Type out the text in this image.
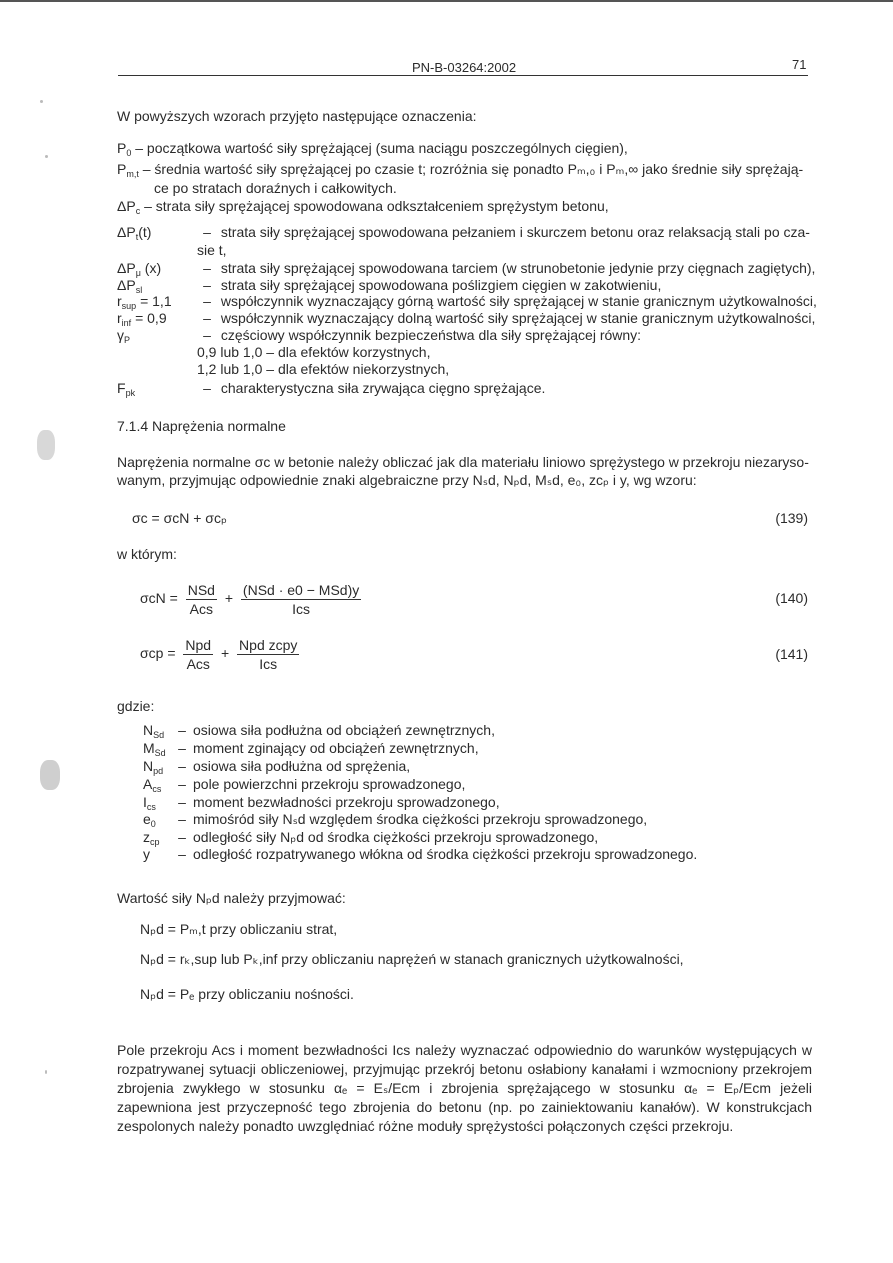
PN-B-03264:2002	71
W powyższych wzorach przyjęto następujące oznaczenia:
$P_0$ – początkowa wartość siły sprężającej (suma naciągu poszczególnych cięgien),
$P_{m,t}$ – średnia wartość siły sprężającej po czasie t; rozróżnia się ponadto Pₘ,₀ i Pₘ,∞ jako średnie siły sprężają-
ce po stratach doraźnych i całkowitych.
$\Delta P_c$ – strata siły sprężającej spowodowana odkształceniem sprężystym betonu,
$\Delta P_t(t)$	– strata siły sprężającej spowodowana pełzaniem i skurczem betonu oraz relaksacją stali po cza-
sie t,
$\Delta P_\mu$ (x)	– strata siły sprężającej spowodowana tarciem (w strunobetonie jedynie przy cięgnach zagiętych),
$\Delta P_{sl}$	– strata siły sprężającej spowodowana poślizgiem cięgien w zakotwieniu,
$r_{sup} = 1,1$ – współczynnik wyznaczający górną wartość siły sprężającej w stanie granicznym użytkowalności,
$r_{inf} = 0,9$	– współczynnik wyznaczający dolną wartość siły sprężającej w stanie granicznym użytkowalności,
$\gamma_P$	– częściowy współczynnik bezpieczeństwa dla siły sprężającej równy:
0,9 lub 1,0 – dla efektów korzystnych,
1,2 lub 1,0 – dla efektów niekorzystnych,
$F_{pk}$	– charakterystyczna siła zrywająca cięgno sprężające.
7.1.4 Naprężenia normalne
Naprężenia normalne σᴄ w betonie należy obliczać jak dla materiału liniowo sprężystego w przekroju niezaryso-
wanym, przyjmując odpowiednie znaki algebraiczne przy Nₛd, Nₚd, Mₛd, e₀, zᴄₚ i y, wg wzoru:
σᴄ = σᴄN + σᴄₚ	(139)
w którym:
$\sigma cN = \frac{\text{NSd}}{\text{Acs}} + \frac{\text{(NSd · e0 − MSd)y}}{\text{Ics}}$	(140)
$\sigma cp = \frac{\text{Npd}}{\text{Acs}} + \frac{\text{Npd zcpy}}{\text{Ics}}$	(141)
gdzie:
$N_{Sd}$ – osiowa siła podłużna od obciążeń zewnętrznych,
$M_{Sd}$ – moment zginający od obciążeń zewnętrznych,
$N_{pd}$ – osiowa siła podłużna od sprężenia,
$A_{cs}$ – pole powierzchni przekroju sprowadzonego,
$I_{cs}$ – moment bezwładności przekroju sprowadzonego,
$e_0$ – mimośród siły Nₛd względem środka ciężkości przekroju sprowadzonego,
$z_{cp}$ – odległość siły Nₚd od środka ciężkości przekroju sprowadzonego,
y – odległość rozpatrywanego włókna od środka ciężkości przekroju sprowadzonego.
Wartość siły Nₚd należy przyjmować:
Nₚd = Pₘ,t przy obliczaniu strat,
Nₚd = rₖ,sup lub Pₖ,inf przy obliczaniu naprężeń w stanach granicznych użytkowalności,
Nₚd = Pₑ przy obliczaniu nośności.
Pole przekroju Aᴄs i moment bezwładności Iᴄs należy wyznaczać odpowiednio do warunków występujących w rozpatrywanej sytuacji obliczeniowej, przyjmując przekrój betonu osłabiony kanałami i wzmocniony przekrojem zbrojenia zwykłego w stosunku αₑ = Eₛ/Eᴄm i zbrojenia sprężającego w stosunku αₑ = Eₚ/Eᴄm jeżeli zapewniona jest przyczepność tego zbrojenia do betonu (np. po zainiektowaniu kanałów). W konstrukcjach zespolonych należy ponadto uwzględniać różne moduły sprężystości połączonych części przekroju.
